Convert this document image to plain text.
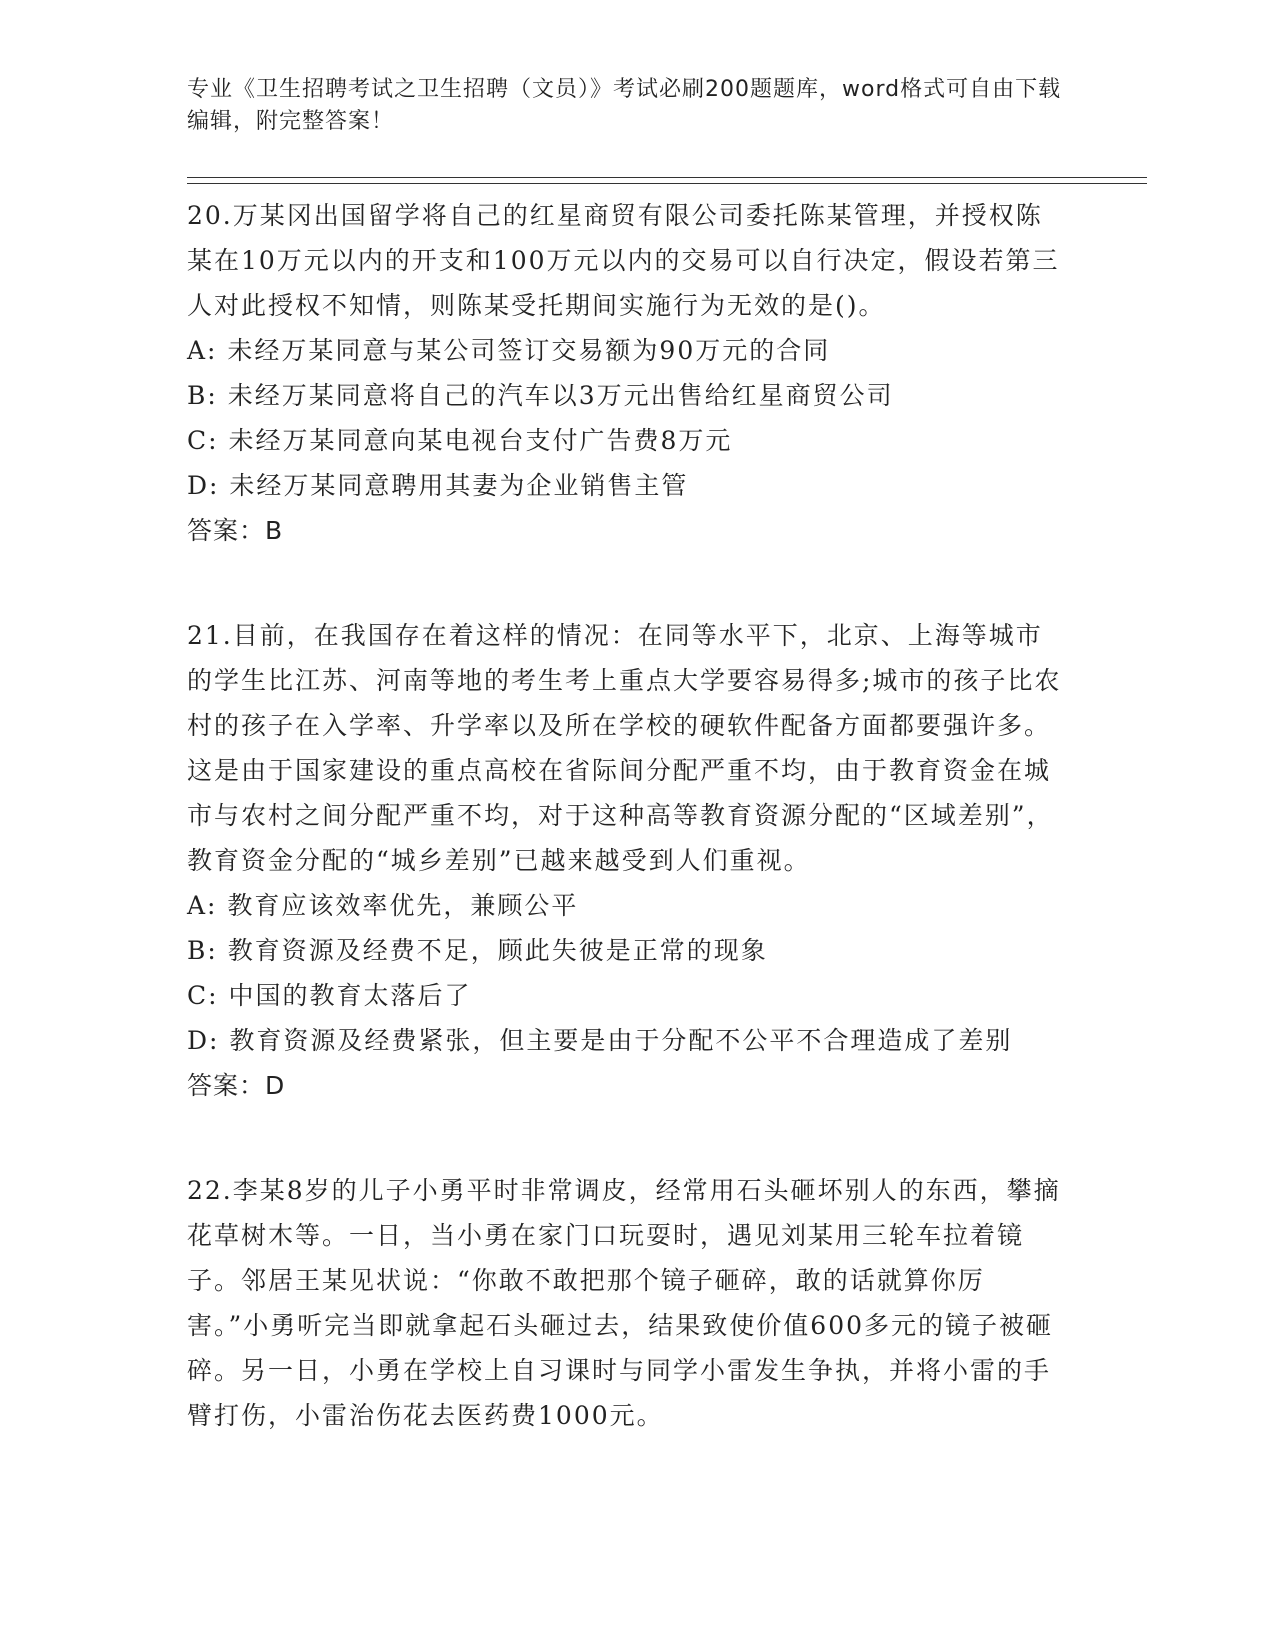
专业《卫生招聘考试之卫生招聘（文员）》考试必刷200题题库，word格式可自由下载编辑，附完整答案！

20.万某冈出国留学将自己的红星商贸有限公司委托陈某管理，并授权陈某在10万元以内的开支和100万元以内的交易可以自行决定，假设若第三人对此授权不知情，则陈某受托期间实施行为无效的是()。

A: 未经万某同意与某公司签订交易额为90万元的合同

B: 未经万某同意将自己的汽车以3万元出售给红星商贸公司

C: 未经万某同意向某电视台支付广告费8万元

D: 未经万某同意聘用其妻为企业销售主管

答案：B

21.目前，在我国存在着这样的情况：在同等水平下，北京、上海等城市的学生比江苏、河南等地的考生考上重点大学要容易得多;城市的孩子比农村的孩子在入学率、升学率以及所在学校的硬软件配备方面都要强许多。这是由于国家建设的重点高校在省际间分配严重不均，由于教育资金在城市与农村之间分配严重不均，对于这种高等教育资源分配的“区域差别”，教育资金分配的“城乡差别”已越来越受到人们重视。

A: 教育应该效率优先，兼顾公平

B: 教育资源及经费不足，顾此失彼是正常的现象

C: 中国的教育太落后了

D: 教育资源及经费紧张，但主要是由于分配不公平不合理造成了差别

答案：D

22.李某8岁的儿子小勇平时非常调皮，经常用石头砸坏别人的东西，攀摘花草树木等。一日，当小勇在家门口玩耍时，遇见刘某用三轮车拉着镜子。邻居王某见状说：“你敢不敢把那个镜子砸碎，敢的话就算你厉害。”小勇听完当即就拿起石头砸过去，结果致使价值600多元的镜子被砸碎。另一日，小勇在学校上自习课时与同学小雷发生争执，并将小雷的手臂打伤，小雷治伤花去医药费1000元。
